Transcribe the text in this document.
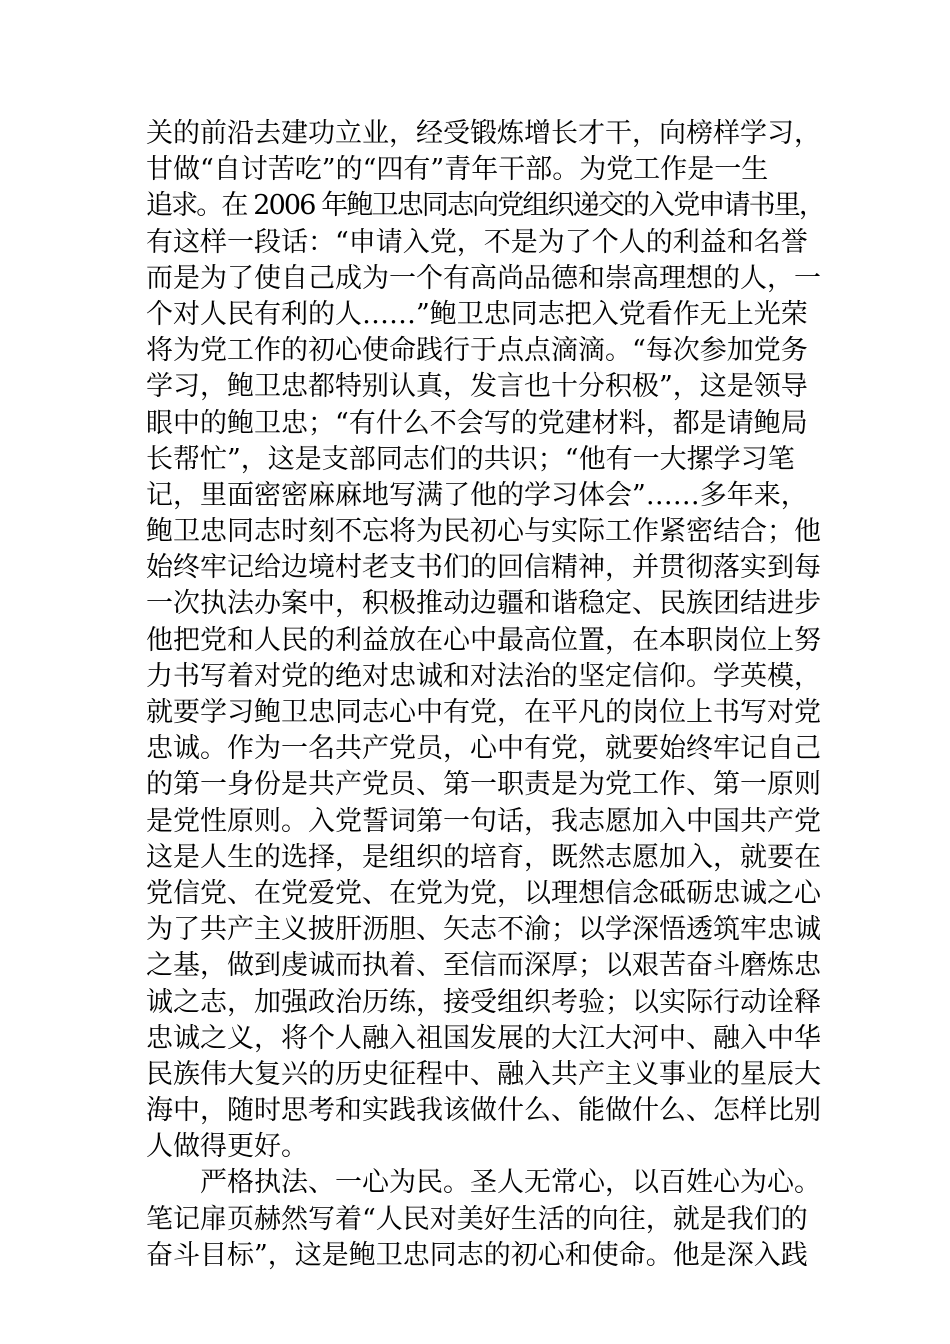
关的前沿去建功立业，经受锻炼增长才干，向榜样学习，
甘做“自讨苦吃”的“四有”青年干部。为党工作是一生
追求。在 2006 年鲍卫忠同志向党组织递交的入党申请书里，
有这样一段话：“申请入党，不是为了个人的利益和名誉
而是为了使自己成为一个有高尚品德和崇高理想的人，一
个对人民有利的人……”鲍卫忠同志把入党看作无上光荣
将为党工作的初心使命践行于点点滴滴。“每次参加党务
学习，鲍卫忠都特别认真，发言也十分积极”，这是领导
眼中的鲍卫忠；“有什么不会写的党建材料，都是请鲍局
长帮忙”，这是支部同志们的共识；“他有一大摞学习笔
记，里面密密麻麻地写满了他的学习体会”……多年来，
鲍卫忠同志时刻不忘将为民初心与实际工作紧密结合；他
始终牢记给边境村老支书们的回信精神，并贯彻落实到每
一次执法办案中，积极推动边疆和谐稳定、民族团结进步
他把党和人民的利益放在心中最高位置，在本职岗位上努
力书写着对党的绝对忠诚和对法治的坚定信仰。学英模，
就要学习鲍卫忠同志心中有党，在平凡的岗位上书写对党
忠诚。作为一名共产党员，心中有党，就要始终牢记自己
的第一身份是共产党员、第一职责是为党工作、第一原则
是党性原则。入党誓词第一句话，我志愿加入中国共产党
这是人生的选择，是组织的培育，既然志愿加入，就要在
党信党、在党爱党、在党为党，以理想信念砥砺忠诚之心
为了共产主义披肝沥胆、矢志不渝；以学深悟透筑牢忠诚
之基，做到虔诚而执着、至信而深厚；以艰苦奋斗磨炼忠
诚之志，加强政治历练，接受组织考验；以实际行动诠释
忠诚之义，将个人融入祖国发展的大江大河中、融入中华
民族伟大复兴的历史征程中、融入共产主义事业的星辰大
海中，随时思考和实践我该做什么、能做什么、怎样比别
人做得更好。
严格执法、一心为民。圣人无常心，以百姓心为心。
笔记扉页赫然写着“人民对美好生活的向往，就是我们的
奋斗目标”，这是鲍卫忠同志的初心和使命。他是深入践
